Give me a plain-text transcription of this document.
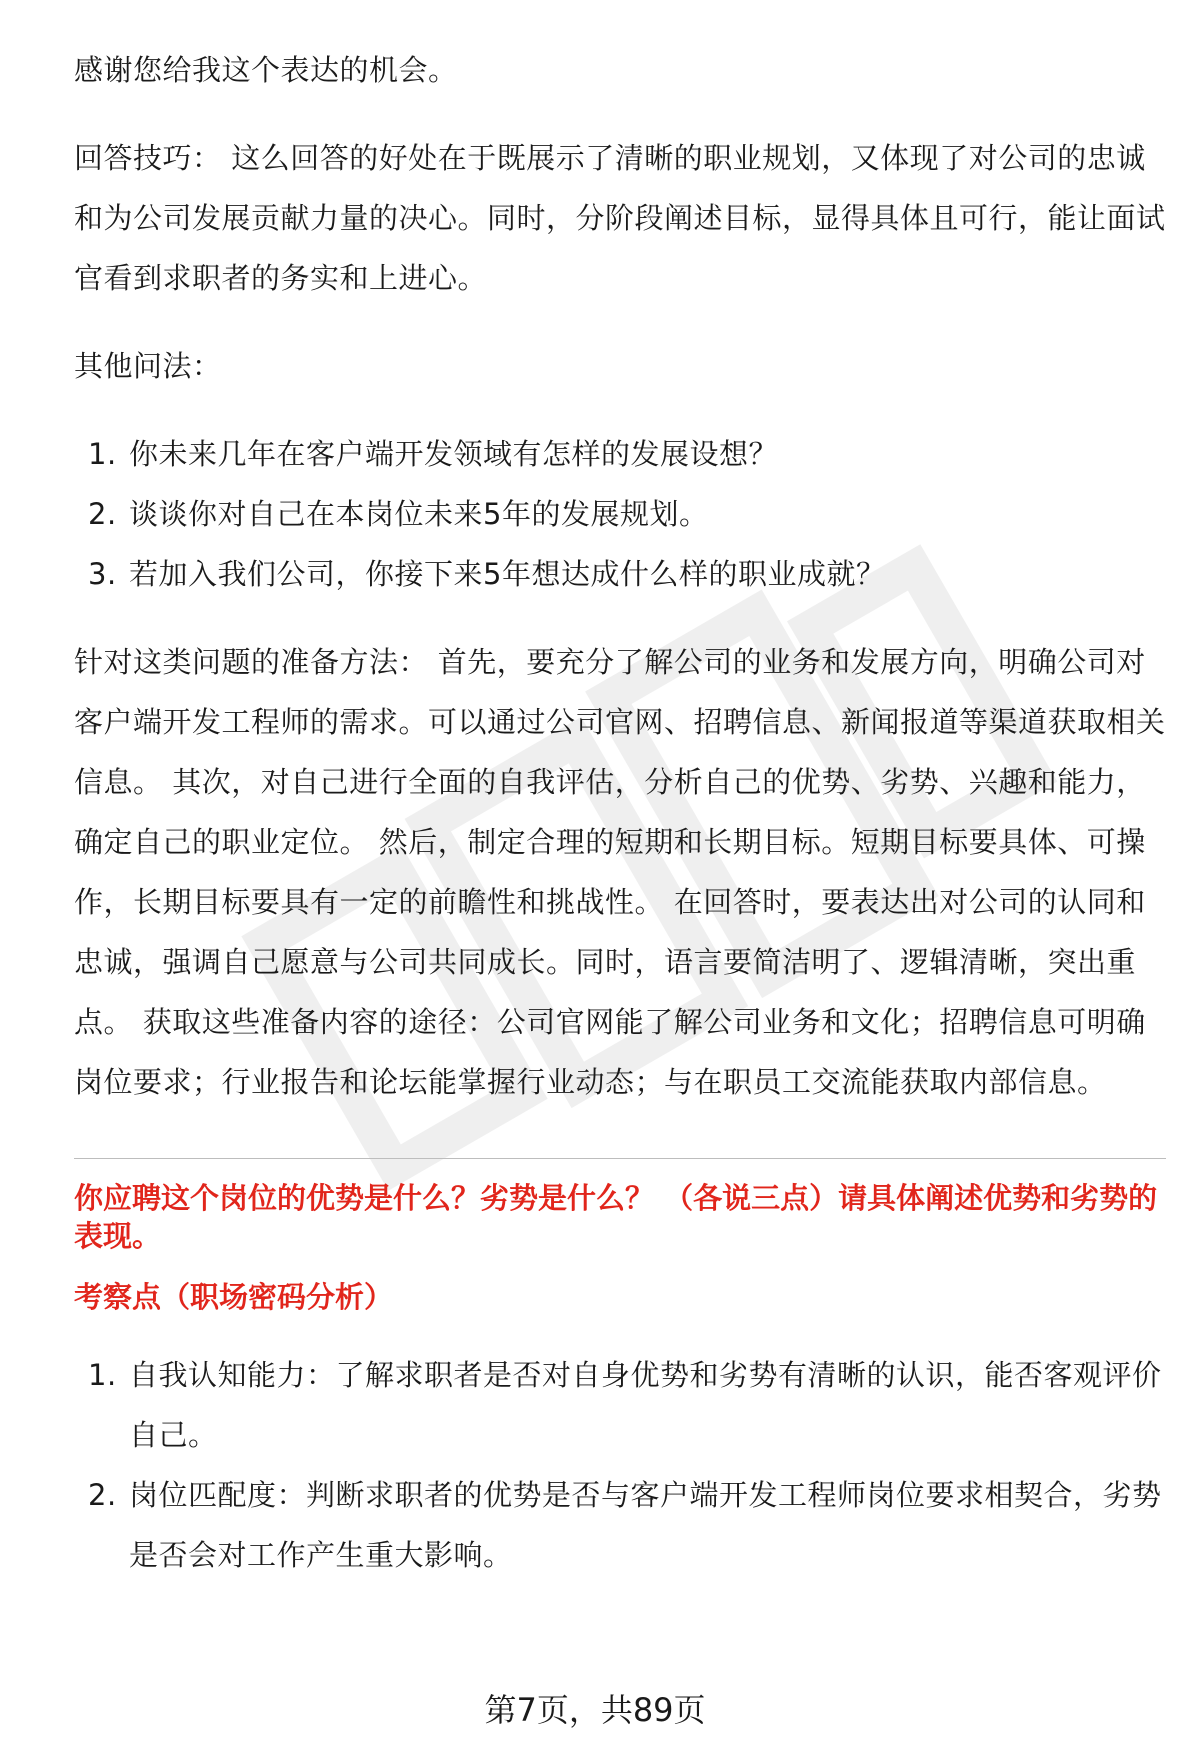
感谢您给我这个表达的机会。

回答技巧： 这么回答的好处在于既展示了清晰的职业规划，又体现了对公司的忠诚和为公司发展贡献力量的决心。同时，分阶段阐述目标，显得具体且可行，能让面试官看到求职者的务实和上进心。

其他问法：

1. 你未来几年在客户端开发领域有怎样的发展设想？
2. 谈谈你对自己在本岗位未来5年的发展规划。
3. 若加入我们公司，你接下来5年想达成什么样的职业成就？

针对这类问题的准备方法： 首先，要充分了解公司的业务和发展方向，明确公司对客户端开发工程师的需求。可以通过公司官网、招聘信息、新闻报道等渠道获取相关信息。 其次，对自己进行全面的自我评估，分析自己的优势、劣势、兴趣和能力，确定自己的职业定位。 然后，制定合理的短期和长期目标。短期目标要具体、可操作，长期目标要具有一定的前瞻性和挑战性。 在回答时，要表达出对公司的认同和忠诚，强调自己愿意与公司共同成长。同时，语言要简洁明了、逻辑清晰，突出重点。 获取这些准备内容的途径：公司官网能了解公司业务和文化；招聘信息可明确岗位要求；行业报告和论坛能掌握行业动态；与在职员工交流能获取内部信息。

你应聘这个岗位的优势是什么？劣势是什么？ （各说三点）请具体阐述优势和劣势的表现。

考察点（职场密码分析）

1. 自我认知能力：了解求职者是否对自身优势和劣势有清晰的认识，能否客观评价自己。
2. 岗位匹配度：判断求职者的优势是否与客户端开发工程师岗位要求相契合，劣势是否会对工作产生重大影响。
第7页，共89页
